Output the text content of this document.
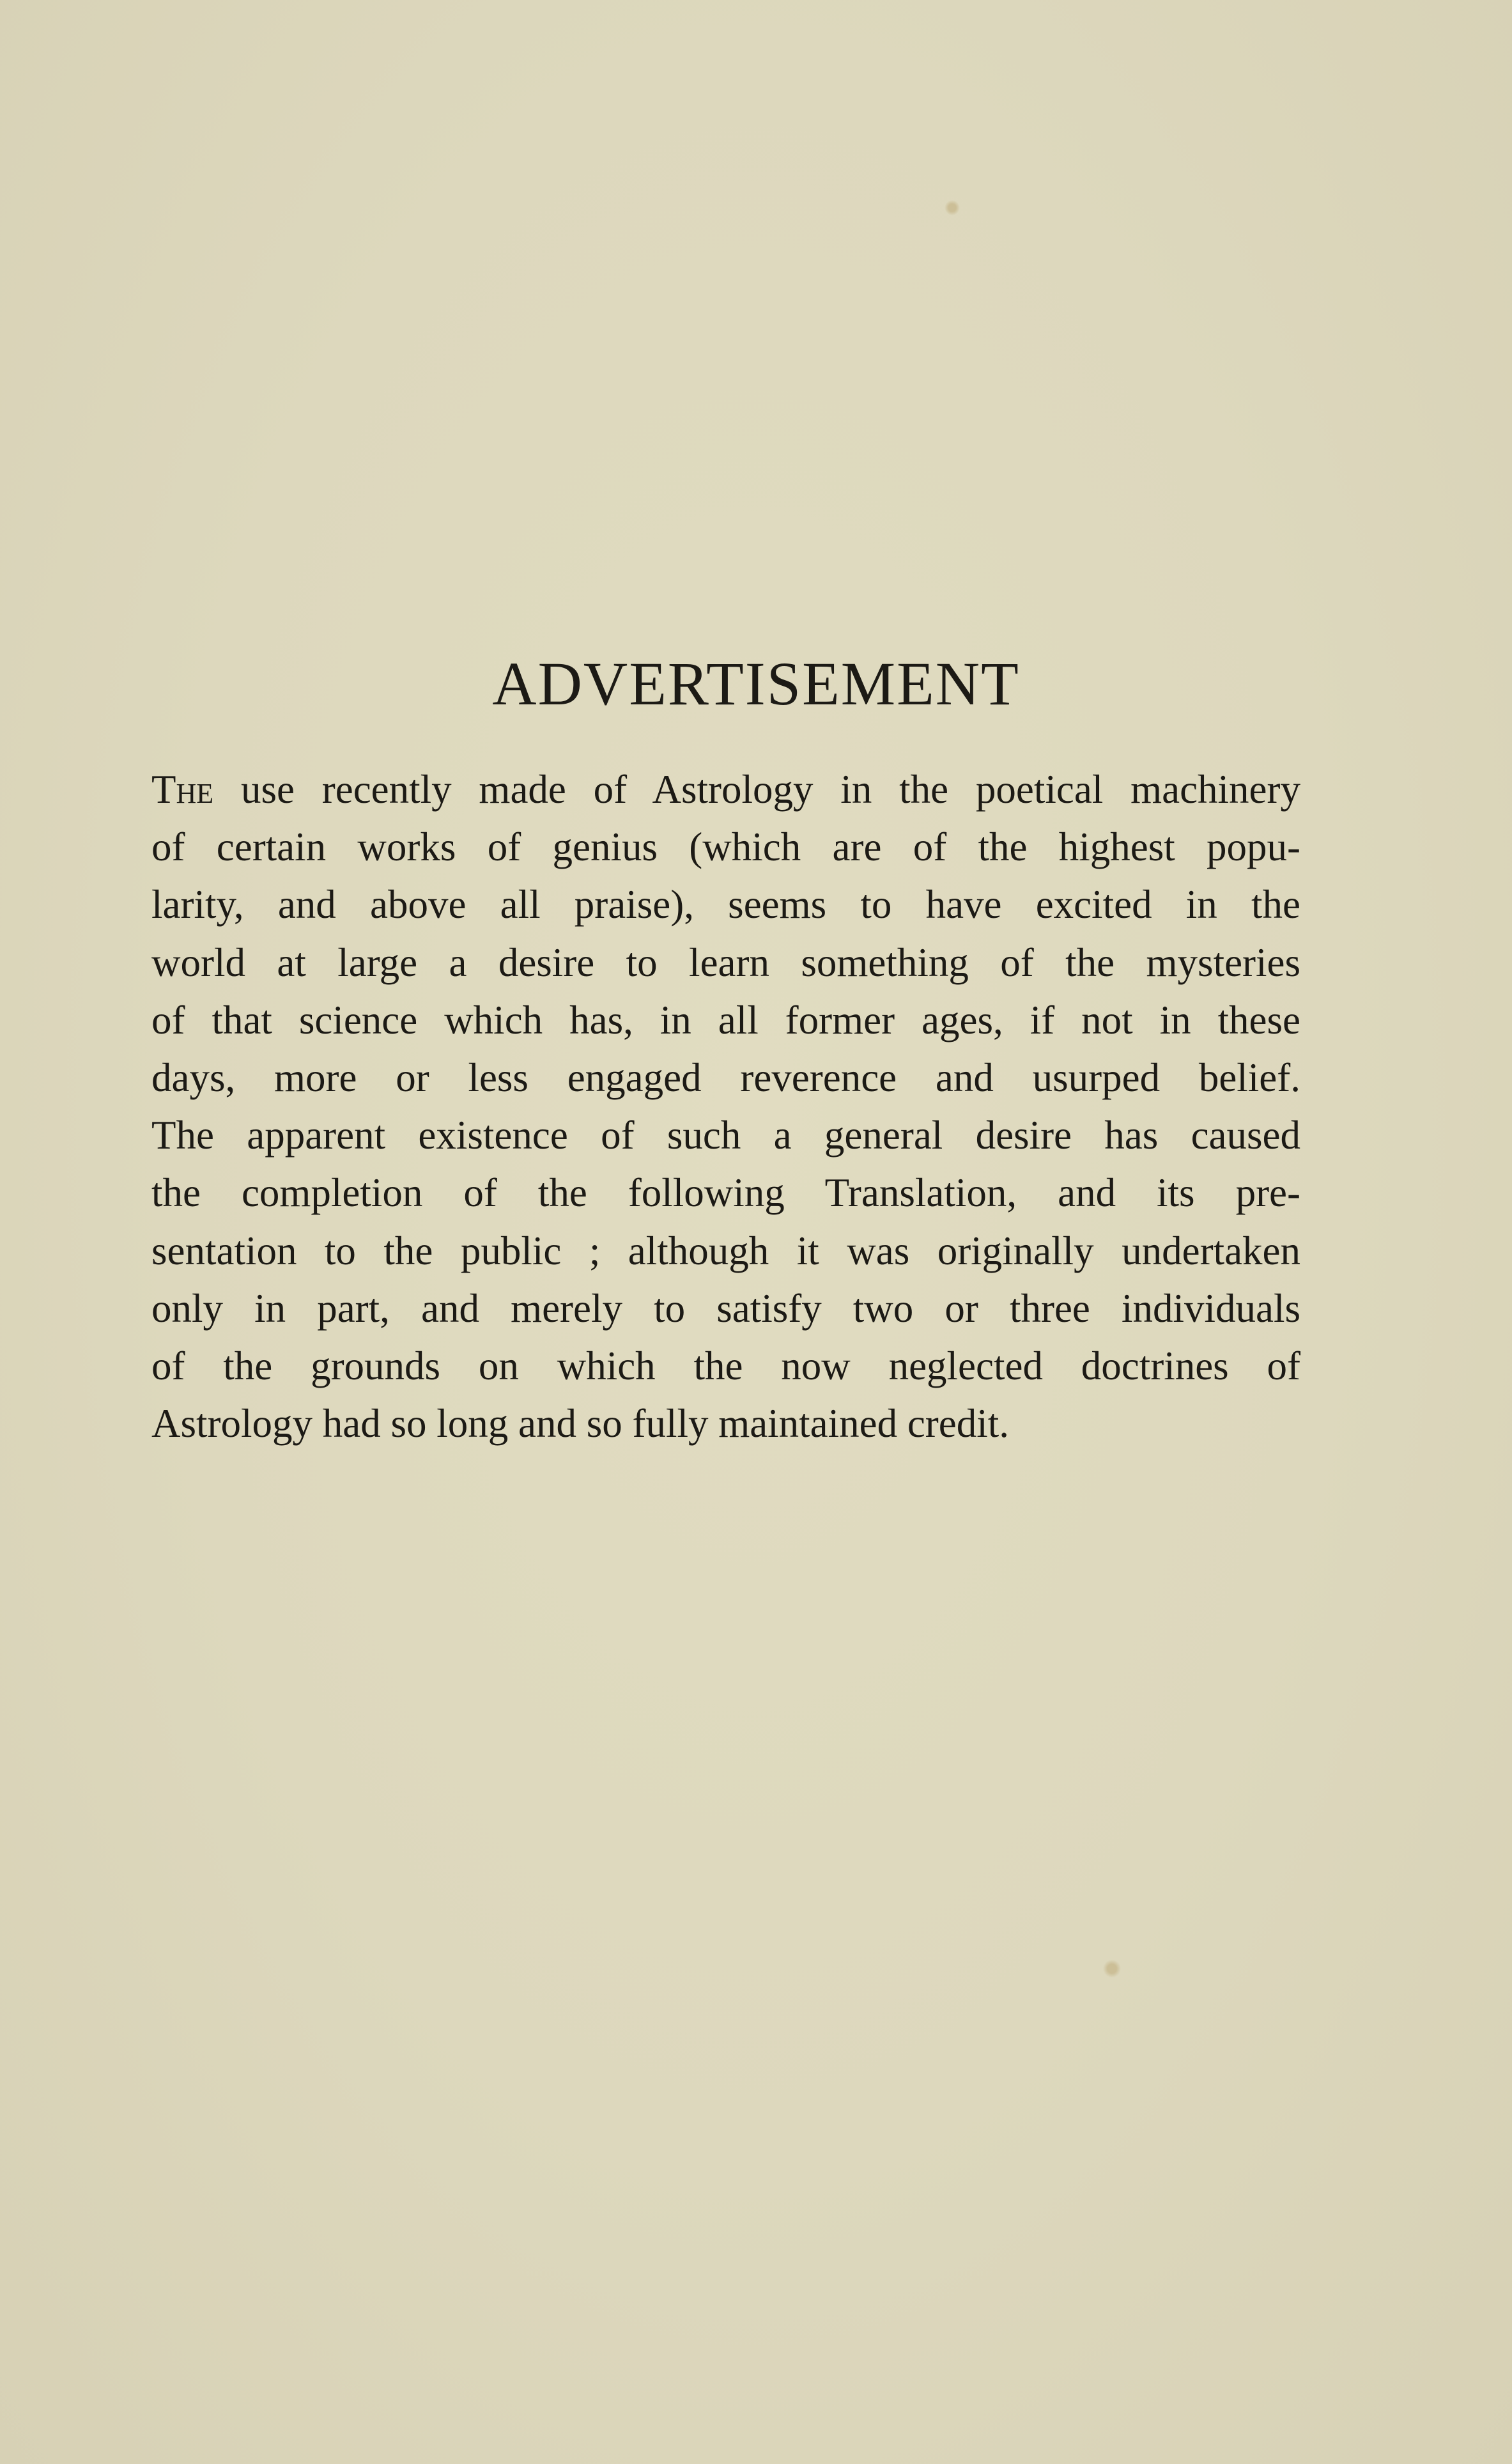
ADVERTISEMENT
The use recently made of Astrology in the poetical machinery
of certain works of genius (which are of the highest popu-
larity, and above all praise), seems to have excited in the
world at large a desire to learn something of the mysteries
of that science which has, in all former ages, if not in these
days, more or less engaged reverence and usurped belief.
The apparent existence of such a general desire has caused
the completion of the following Translation, and its pre-
sentation to the public ; although it was originally undertaken
only in part, and merely to satisfy two or three individuals
of the grounds on which the now neglected doctrines of
Astrology had so long and so fully maintained credit.
